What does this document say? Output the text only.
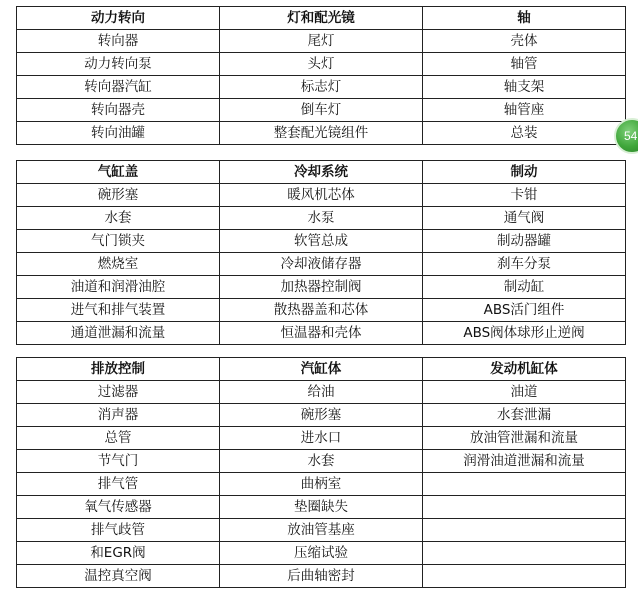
动力转向	灯和配光镜	轴
转向器	尾灯	壳体
动力转向泵	头灯	轴管
转向器汽缸	标志灯	轴支架
转向器壳	倒车灯	轴管座
转向油罐	整套配光镜组件	总装	54
气缸盖	冷却系统	制动
碗形塞	暖风机芯体	卡钳
水套	水泵	通气阀
气门锁夹	软管总成	制动器罐
燃烧室	冷却液储存器	刹车分泵
油道和润滑油腔	加热器控制阀	制动缸
进气和排气装置	散热器盖和芯体	ABS活门组件
通道泄漏和流量	恒温器和壳体	ABS阀体球形止逆阀
排放控制	汽缸体	发动机缸体
过滤器	给油	油道
消声器	碗形塞	水套泄漏
总管	进水口	放油管泄漏和流量
节气门	水套	润滑油道泄漏和流量
排气管	曲柄室	
氧气传感器	垫圈缺失	
排气歧管	放油管基座	
和EGR阀	压缩试验	
温控真空阀	后曲轴密封	
